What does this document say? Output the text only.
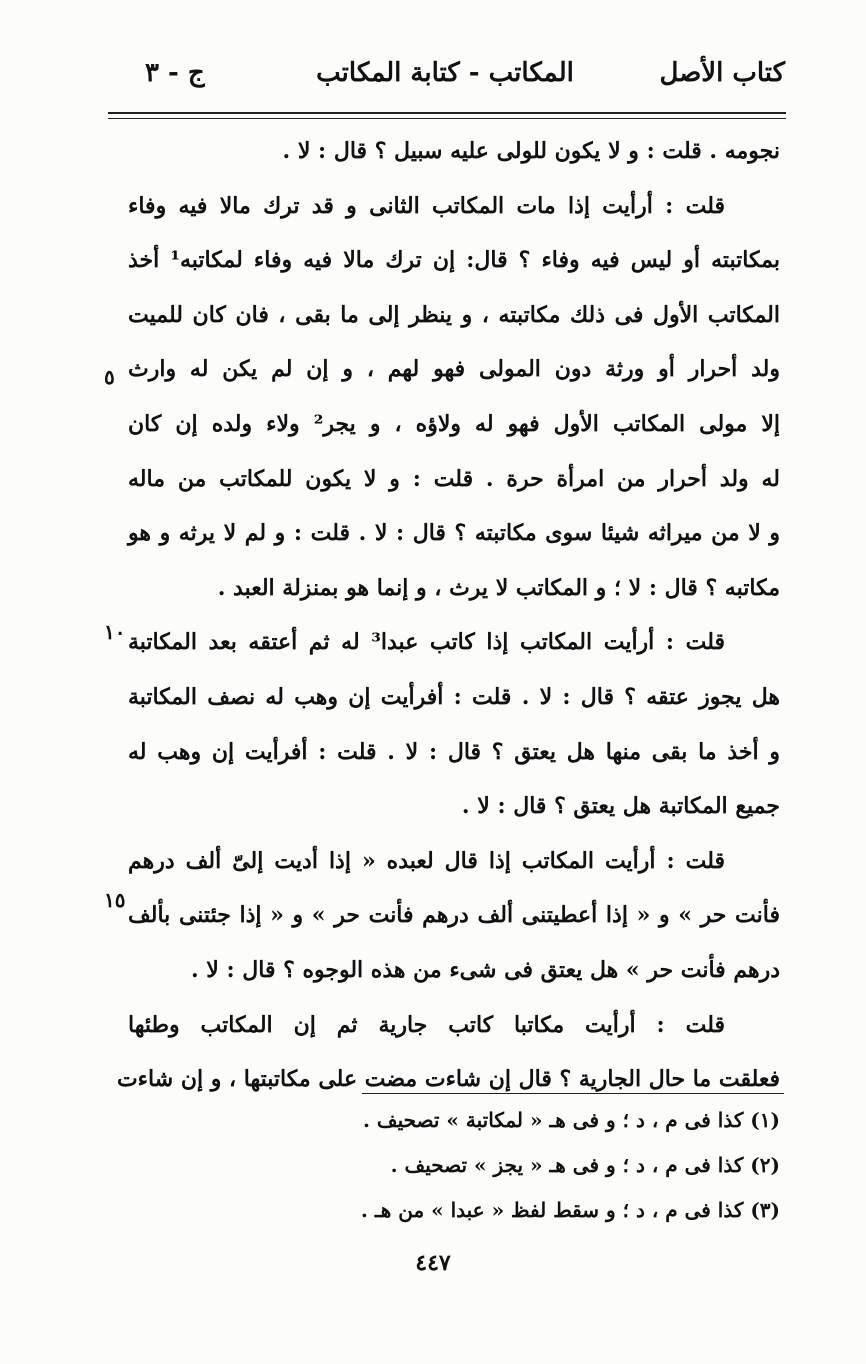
كتاب الأصل
المكاتب - كتابة المكاتب
ج - ٣
نجومه . قلت : و لا يكون للولى عليه سبيل ؟ قال : لا .
قلت : أرأيت إذا مات المكاتب الثانى و قد ترك مالا فيه وفاء
بمكاتبته أو ليس فيه وفاء ؟ قال: إن ترك مالا فيه وفاء لمكاتبه¹ أخذ
المكاتب الأول فى ذلك مكاتبته ، و ينظر إلى ما بقى ، فان كان للميت
ولد أحرار أو ورثة دون المولى فهو لهم ، و إن لم يكن له وارث
إلا مولى المكاتب الأول فهو له ولاؤه ، و يجر² ولاء ولده إن كان
له ولد أحرار من امرأة حرة . قلت : و لا يكون للمكاتب من ماله
و لا من ميراثه شيئا سوى مكاتبته ؟ قال : لا . قلت : و لم لا يرثه و هو
مكاتبه ؟ قال : لا ؛ و المكاتب لا يرث ، و إنما هو بمنزلة العبد .
قلت : أرأيت المكاتب إذا كاتب عبدا³ له ثم أعتقه بعد المكاتبة
هل يجوز عتقه ؟ قال : لا . قلت : أفرأيت إن وهب له نصف المكاتبة
و أخذ ما بقى منها هل يعتق ؟ قال : لا . قلت : أفرأيت إن وهب له
جميع المكاتبة هل يعتق ؟ قال : لا .
قلت : أرأيت المكاتب إذا قال لعبده « إذا أديت إلىّ ألف درهم
فأنت حر » و « إذا أعطيتنى ألف درهم فأنت حر » و « إذا جئتنى بألف
درهم فأنت حر » هل يعتق فى شىء من هذه الوجوه ؟ قال : لا .
قلت : أرأيت مكاتبا كاتب جارية ثم إن المكاتب وطئها
فعلقت ما حال الجارية ؟ قال إن شاءت مضت على مكاتبتها ، و إن شاءت
٥
١٠
١٥
(١) كذا فى م ، د ؛ و فى هـ « لمكاتبة » تصحيف .
(٢) كذا فى م ، د ؛ و فى هـ « يجز » تصحيف .
(٣) كذا فى م ، د ؛ و سقط لفظ « عبدا » من هـ .
٤٤٧
